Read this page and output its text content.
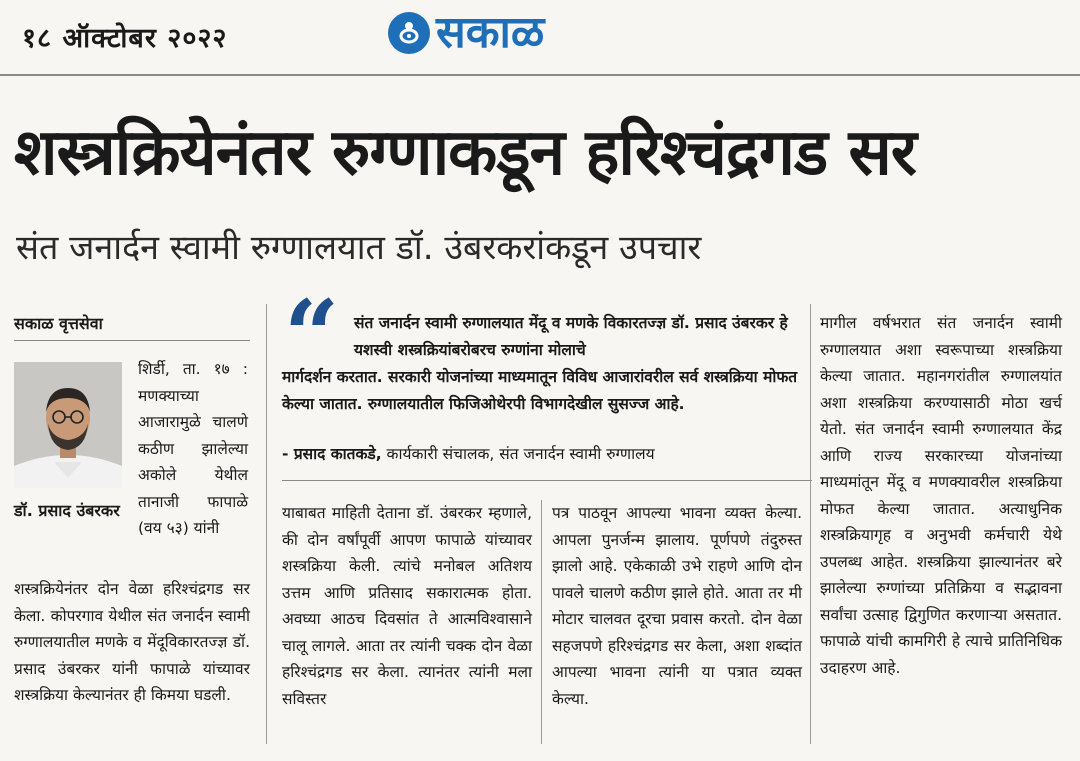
१८ ऑक्टोबर २०२२	सकाळ
शस्त्रक्रियेनंतर रुग्णाकडून हरिश्चंद्रगड सर
संत जनार्दन स्वामी रुग्णालयात डॉ. उंबरकरांकडून उपचार
सकाळ वृत्तसेवा
डॉ. प्रसाद उंबरकर
शिर्डी, ता. १७ : मणक्याच्या आजारामुळे चालणे कठीण झालेल्या अकोले येथील तानाजी फापाळे (वय ५३) यांनी
शस्त्रक्रियेनंतर दोन वेळा हरिश्चंद्रगड सर केला. कोपरगाव येथील संत जनार्दन स्वामी रुग्णालयातील मणके व मेंदूविकारतज्ज्ञ डॉ. प्रसाद उंबरकर यांनी फापाळे यांच्यावर शस्त्रक्रिया केल्यानंतर ही किमया घडली.
“ संत जनार्दन स्वामी रुग्णालयात मेंदू व मणके विकारतज्ज्ञ डॉ. प्रसाद उंबरकर हे यशस्वी शस्त्रक्रियांबरोबरच रुग्णांना मोलाचे
मार्गदर्शन करतात. सरकारी योजनांच्या माध्यमातून विविध आजारांवरील सर्व शस्त्रक्रिया मोफत केल्या जातात. रुग्णालयातील फिजिओथेरपी विभागदेखील सुसज्ज आहे.
- प्रसाद कातकडे, कार्यकारी संचालक, संत जनार्दन स्वामी रुग्णालय
याबाबत माहिती देताना डॉ. उंबरकर म्हणाले, की दोन वर्षांपूर्वी आपण फापाळे यांच्यावर शस्त्रक्रिया केली. त्यांचे मनोबल अतिशय उत्तम आणि प्रतिसाद सकारात्मक होता. अवघ्या आठच दिवसांत ते आत्मविश्वासाने चालू लागले. आता तर त्यांनी चक्क दोन वेळा हरिश्चंद्रगड सर केला. त्यानंतर त्यांनी मला सविस्तर
पत्र पाठवून आपल्या भावना व्यक्त केल्या. आपला पुनर्जन्म झालाय. पूर्णपणे तंदुरुस्त झालो आहे. एकेकाळी उभे राहणे आणि दोन पावले चालणे कठीण झाले होते. आता तर मी मोटार चालवत दूरचा प्रवास करतो. दोन वेळा सहजपणे हरिश्चंद्रगड सर केला, अशा शब्दांत आपल्या भावना त्यांनी या पत्रात व्यक्त केल्या.
मागील वर्षभरात संत जनार्दन स्वामी रुग्णालयात अशा स्वरूपाच्या शस्त्रक्रिया केल्या जातात. महानगरांतील रुग्णालयांत अशा शस्त्रक्रिया करण्यासाठी मोठा खर्च येतो. संत जनार्दन स्वामी रुग्णालयात केंद्र आणि राज्य सरकारच्या योजनांच्या माध्यमांतून मेंदू व मणक्यावरील शस्त्रक्रिया मोफत केल्या जातात. अत्याधुनिक शस्त्रक्रियागृह व अनुभवी कर्मचारी येथे उपलब्ध आहेत. शस्त्रक्रिया झाल्यानंतर बरे झालेल्या रुग्णांच्या प्रतिक्रिया व सद्भावना सर्वांचा उत्साह द्विगुणित करणाऱ्या असतात. फापाळे यांची कामगिरी हे त्याचे प्रातिनिधिक उदाहरण आहे.
